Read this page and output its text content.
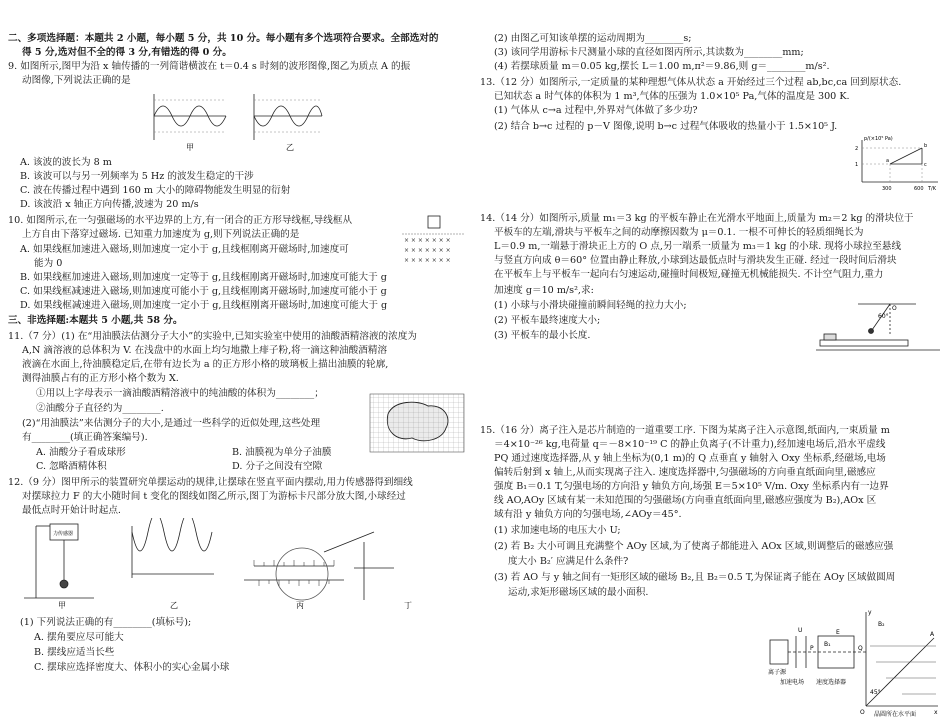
二、多项选择题：本题共 2 小题，每小题 5 分，共 10 分。每小题有多个选项符合要求。全部选对的
得 5 分,选对但不全的得 3 分,有错选的得 0 分。
9. 如图所示,图甲为沿 x 轴传播的一列简谐横波在 t＝0.4 s 时刻的波形图像,图乙为质点 A 的振
动图像,下列说法正确的是
甲	乙
A. 该波的波长为 8 m
B. 该波可以与另一列频率为 5 Hz 的波发生稳定的干涉
C. 波在传播过程中遇到 160 m 大小的障碍物能发生明显的衍射
D. 该波沿 x 轴正方向传播,波速为 20 m/s
10. 如图所示,在一匀强磁场的水平边界的上方,有一闭合的正方形导线框,导线框从
上方自由下落穿过磁场. 已知重力加速度为 g,则下列说法正确的是
× × × × × × ×
× × × × × × ×
× × × × × × ×
A. 如果线框加速进入磁场,则加速度一定小于 g,且线框刚离开磁场时,加速度可
能为 0
B. 如果线框加速进入磁场,则加速度一定等于 g,且线框刚离开磁场时,加速度可能大于 g
C. 如果线框减速进入磁场,则加速度可能小于 g,且线框刚离开磁场时,加速度可能小于 g
D. 如果线框减速进入磁场,则加速度一定小于 g,且线框刚离开磁场时,加速度可能大于 g
三、非选择题:本题共 5 小题,共 58 分。
11.（7 分）(1) 在“用油膜法估测分子大小”的实验中,已知实验室中使用的油酸酒精溶液的浓度为
A,N 滴溶液的总体积为 V. 在浅盘中的水面上均匀地撒上痱子粉,将一滴这种油酸酒精溶
液滴在水面上,待油膜稳定后,在带有边长为 a 的正方形小格的玻璃板上描出油膜的轮廓,
测得油膜占有的正方形小格个数为 X.
①用以上字母表示一滴油酸酒精溶液中的纯油酸的体积为________；
②油酸分子直径约为________.
(2)“用油膜法”来估测分子的大小,是通过一些科学的近似处理,这些处理
有________(填正确答案编号).
A. 油酸分子看成球形	B. 油膜视为单分子油膜
C. 忽略酒精体积	D. 分子之间没有空隙
12.（9 分）图甲所示的装置研究单摆运动的规律,让摆球在竖直平面内摆动,用力传感器得到细线
对摆球拉力 F 的大小随时间 t 变化的图线如图乙所示,图丁为游标卡尺部分放大图,小球经过
最低点时开始计时起点.
力传感器
甲	乙	丙	丁
(1) 下列说法正确的有________(填标号);
A. 摆角要应尽可能大
B. 摆线应适当长些
C. 摆球应选择密度大、体积小的实心金属小球
(2) 由图乙可知该单摆的运动周期为________s;
(3) 该同学用游标卡尺测量小球的直径如图丙所示,其读数为________mm;
(4) 若摆球质量 m＝0.05 kg,摆长 L＝1.00 m,π²＝9.86,则 g＝________m/s².
13.（12 分）如图所示,一定质量的某种理想气体从状态 a 开始经过三个过程 ab,bc,ca 回到原状态.
已知状态 a 时气体的体积为 1 m³,气体的压强为 1.0×10⁵ Pa,气体的温度是 300 K.
(1) 气体从 c→a 过程中,外界对气体做了多少功?
(2) 结合 b→c 过程的 p－V 图像,说明 b→c 过程气体吸收的热量小于 1.5×10⁵ J.
p/(×10⁵ Pa)
T/K
300	600
1
2
a
b
c
14.（14 分）如图所示,质量 m₁＝3 kg 的平板车静止在光滑水平地面上,质量为 m₂＝2 kg 的滑块位于
平板车的左端,滑块与平板车之间的动摩擦因数为 μ＝0.1. 一根不可伸长的轻质细绳长为
L＝0.9 m,一端悬于滑块正上方的 O 点,另一端系一质量为 m₃＝1 kg 的小球. 现将小球拉至悬线
与竖直方向成 θ＝60° 位置由静止释放,小球到达最低点时与滑块发生正碰. 经过一段时间后滑块
在平板车上与平板车一起向右匀速运动,碰撞时间极短,碰撞无机械能损失. 不计空气阻力,重力
加速度 g＝10 m/s²,求:
(1) 小球与小滑块碰撞前瞬间轻绳的拉力大小;
(2) 平板车最终速度大小;
(3) 平板车的最小长度.
60°
O
15.（16 分）离子注入是芯片制造的一道重要工序. 下图为某离子注入示意图,纸面内,一束质量 m
＝4×10⁻²⁶ kg,电荷量 q＝－8×10⁻¹⁹ C 的静止负离子(不计重力),经加速电场后,沿水平虚线
PQ 通过速度选择器,从 y 轴上坐标为(0,1 m)的 Q 点垂直 y 轴射入 Oxy 坐标系,经磁场,电场
偏转后射到 x 轴上,从而实现离子注入. 速度选择器中,匀强磁场的方向垂直纸面向里,磁感应
强度 B₁＝0.1 T,匀强电场的方向沿 y 轴负方向,场强 E＝5×10⁵ V/m. Oxy 坐标系内有一边界
线 AO,AOy 区域有某一未知范围的匀强磁场(方向垂直纸面向里,磁感应强度为 B₂),AOx 区
域有沿 y 轴负方向的匀强电场,∠AOy＝45°.
(1) 求加速电场的电压大小 U;
(2) 若 B₂ 大小可调且充满整个 AOy 区域,为了使离子都能进入 AOx 区域,则调整后的磁感应强
度大小 B₂′ 应满足什么条件?
(3) 若 AO 与 y 轴之间有一矩形区域的磁场 B₂,且 B₂＝0.5 T,为保证离子能在 AOy 区域做圆周
运动,求矩形磁场区域的最小面积.
离子源
加速电场 速度选择器
晶圆所在水平面
U
P	Q
E
B₁
B₂
A
O	x
y
45°
